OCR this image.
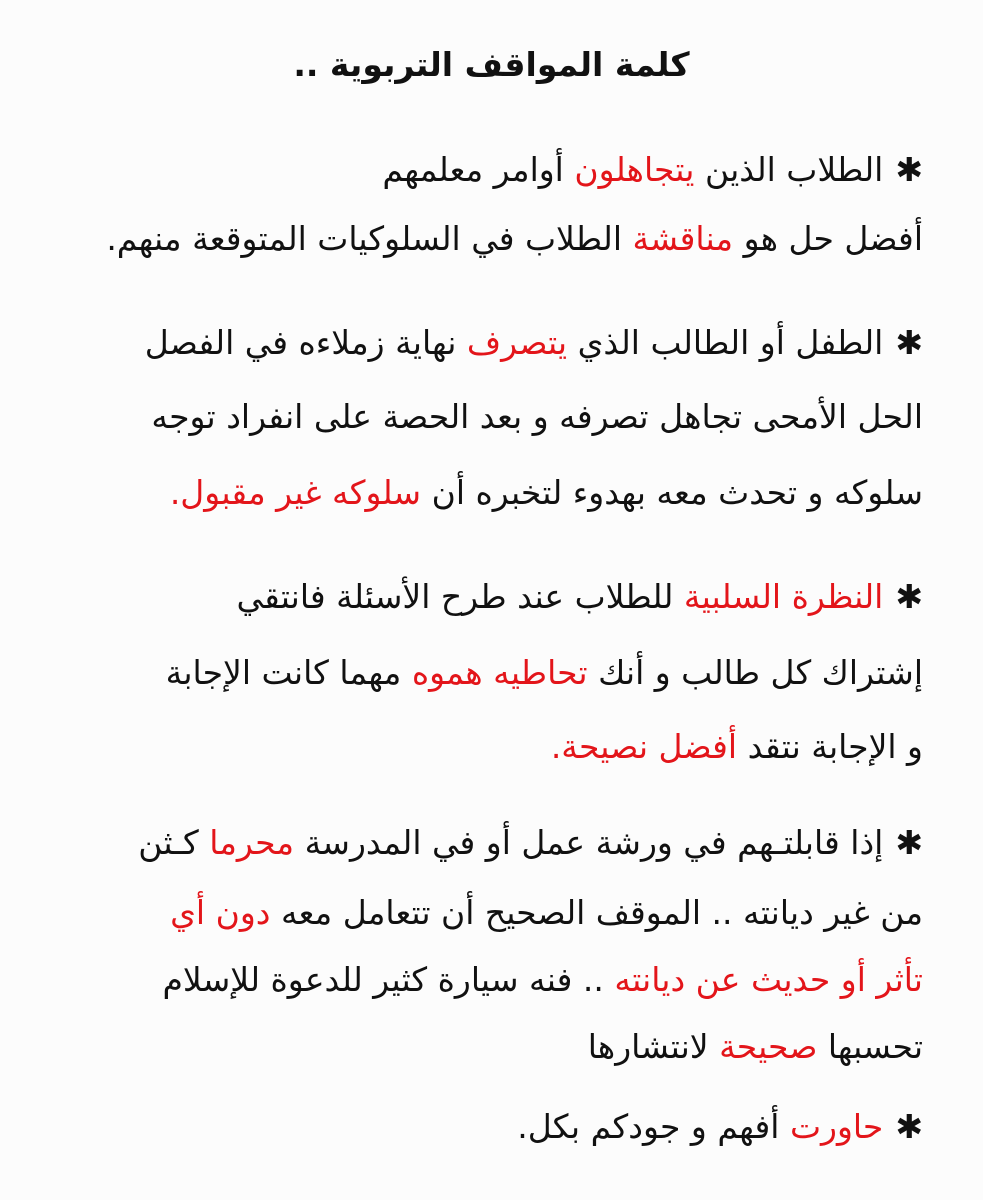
كلمة المواقف التربوية ..
✱الطلاب الذين يتجاهلون أوامر معلمهم
أفضل حل هو مناقشة الطلاب في السلوكيات المتوقعة منهم.
✱الطفل أو الطالب الذي يتصرف نهاية زملاءه في الفصل
الحل الأمحى تجاهل تصرفه و بعد الحصة على انفراد توجه
سلوكه و تحدث معه بهدوء لتخبره أن سلوكه غير مقبول.
✱النظرة السلبية للطلاب عند طرح الأسئلة فانتقي
إشتراك كل طالب و أنك تحاطيه هموه مهما كانت الإجابة
و الإجابة نتقد أفضل نصيحة.
✱إذا قابلتـهم في ورشة عمل أو في المدرسة محرما كـثن
من غير ديانته .. الموقف الصحيح أن تتعامل معه دون أي
تأثر أو حديث عن ديانته .. فنه سيارة كثير للدعوة للإسلام
تحسبها صحيحة لانتشارها
✱حاورت أفهم و جودكم بكل.
